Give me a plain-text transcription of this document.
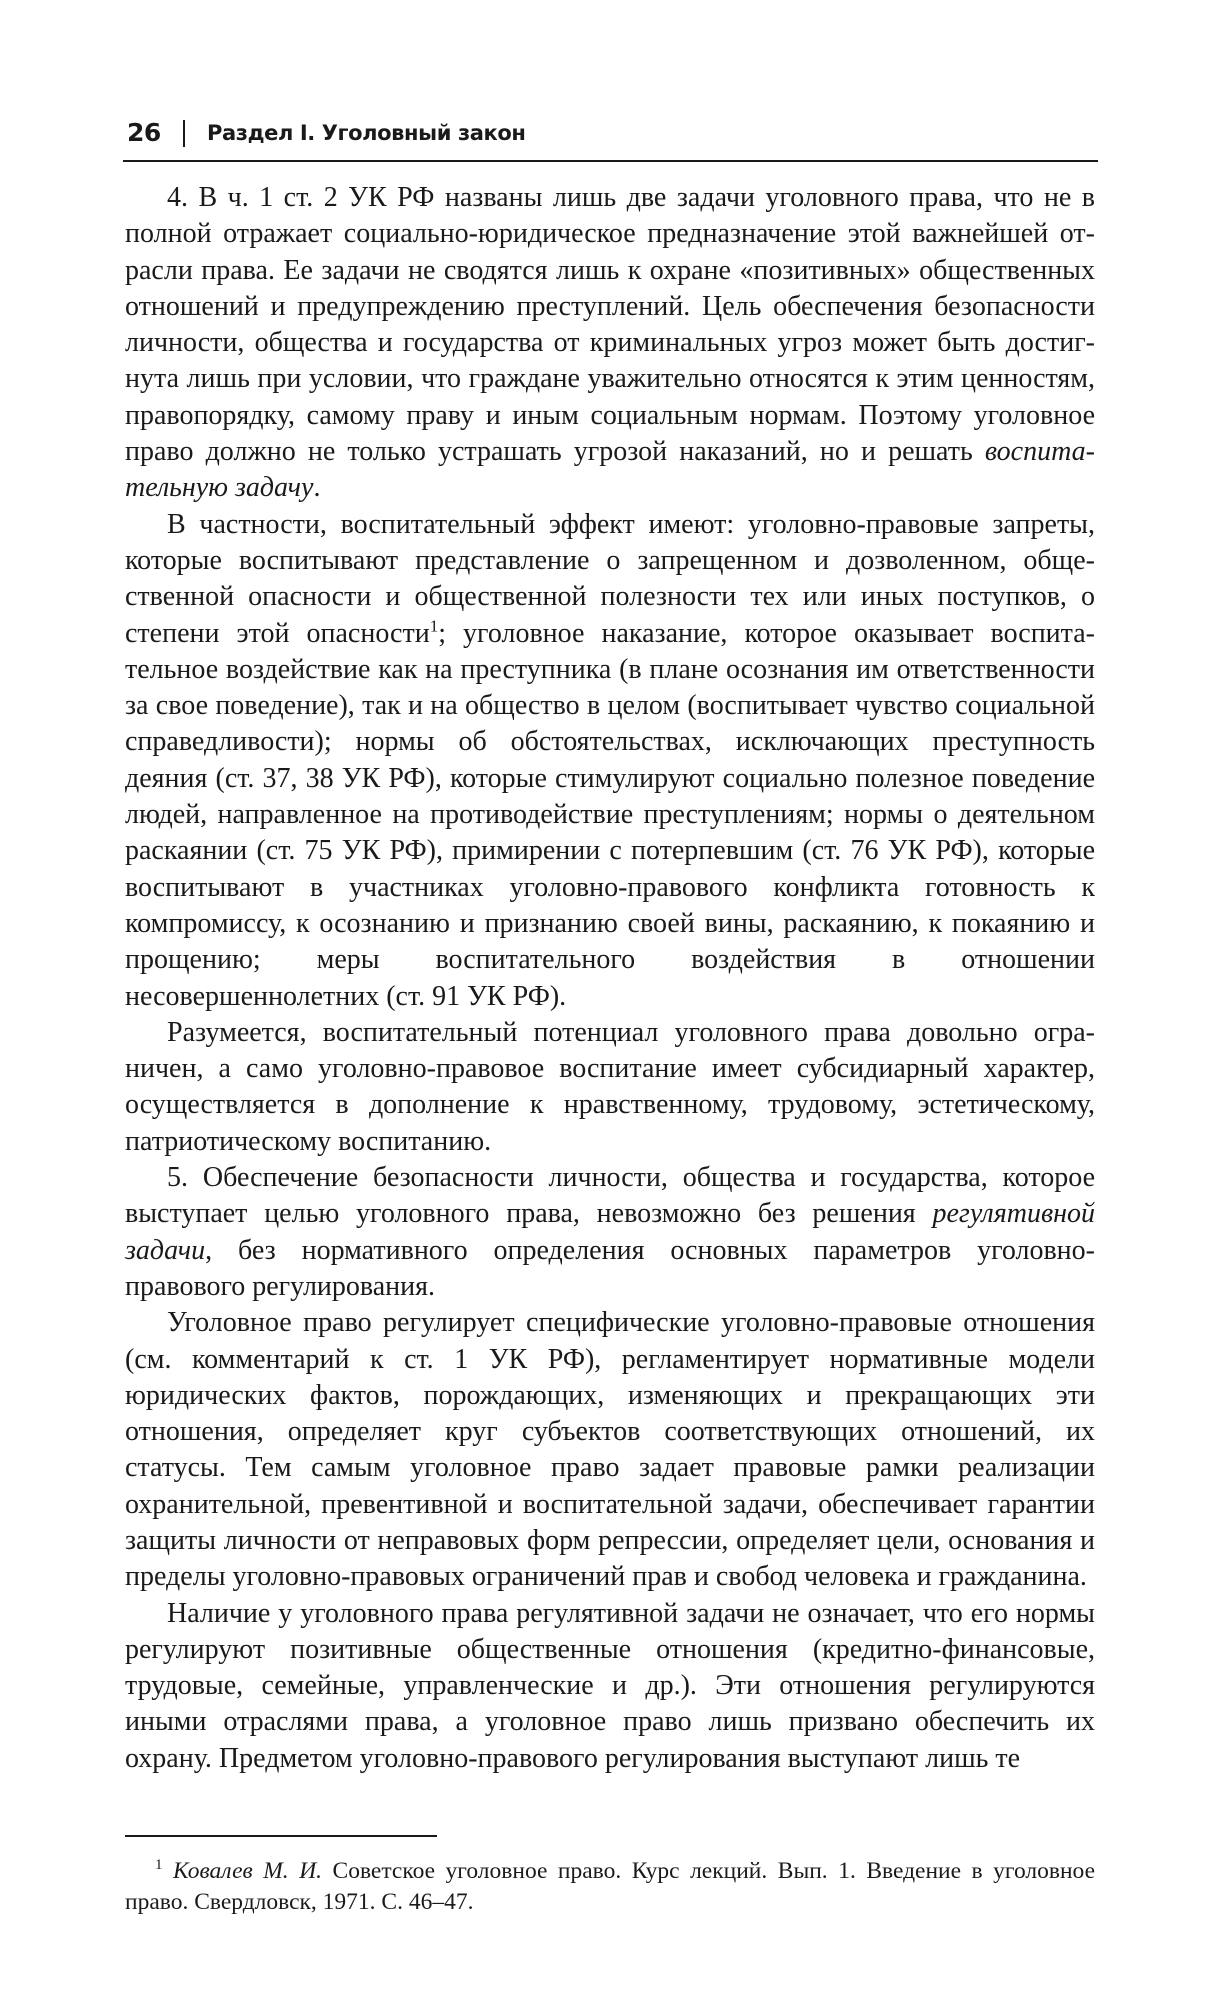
26 Раздел I. Уголовный закон

4. В ч. 1 ст. 2 УК РФ названы лишь две задачи уголовного права, что не в полной отражает социально-юридическое предназначение этой важнейшей отрасли права. Ее задачи не сводятся лишь к охране «позитивных» общественных отношений и предупреждению преступлений. Цель обеспечения безопасности личности, общества и государства от криминальных угроз может быть достигнута лишь при условии, что граждане уважительно относятся к этим ценностям, правопорядку, самому праву и иным социальным нормам. Поэтому уголовное право должно не только устрашать угрозой наказаний, но и решать воспитательную задачу.

В частности, воспитательный эффект имеют: уголовно-правовые запреты, которые воспитывают представление о запрещенном и дозволенном, общественной опасности и общественной полезности тех или иных поступков, о степени этой опасности$^1$; уголовное наказание, которое оказывает воспитательное воздействие как на преступника (в плане осознания им ответственности за свое поведение), так и на общество в целом (воспитывает чувство социальной справедливости); нормы об обстоятельствах, исключающих преступность деяния (ст. 37, 38 УК РФ), которые стимулируют социально полезное поведение людей, направленное на противодействие преступлениям; нормы о деятельном раскаянии (ст. 75 УК РФ), примирении с потерпевшим (ст. 76 УК РФ), которые воспитывают в участниках уголовно-правового конфликта готовность к компромиссу, к осознанию и признанию своей вины, раскаянию, к покаянию и прощению; меры воспитательного воздействия в отношении несовершеннолетних (ст. 91 УК РФ).

Разумеется, воспитательный потенциал уголовного права довольно ограничен, а само уголовно-правовое воспитание имеет субсидиарный характер, осуществляется в дополнение к нравственному, трудовому, эстетическому, патриотическому воспитанию.

5. Обеспечение безопасности личности, общества и государства, которое выступает целью уголовного права, невозможно без решения регулятивной задачи, без нормативного определения основных параметров уголовно-правового регулирования.

Уголовное право регулирует специфические уголовно-правовые отношения (см. комментарий к ст. 1 УК РФ), регламентирует нормативные модели юридических фактов, порождающих, изменяющих и прекращающих эти отношения, определяет круг субъектов соответствующих отношений, их статусы. Тем самым уголовное право задает правовые рамки реализации охранительной, превентивной и воспитательной задачи, обеспечивает гарантии защиты личности от неправовых форм репрессии, определяет цели, основания и пределы уголовно-правовых ограничений прав и свобод человека и гражданина.

Наличие у уголовного права регулятивной задачи не означает, что его нормы регулируют позитивные общественные отношения (кредитно-финансовые, трудовые, семейные, управленческие и др.). Эти отношения регулируются иными отраслями права, а уголовное право лишь призвано обеспечить их охрану. Предметом уголовно-правового регулирования выступают лишь те

$^1$ Ковалев М. И. Советское уголовное право. Курс лекций. Вып. 1. Введение в уголовное право. Свердловск, 1971. С. 46–47.
